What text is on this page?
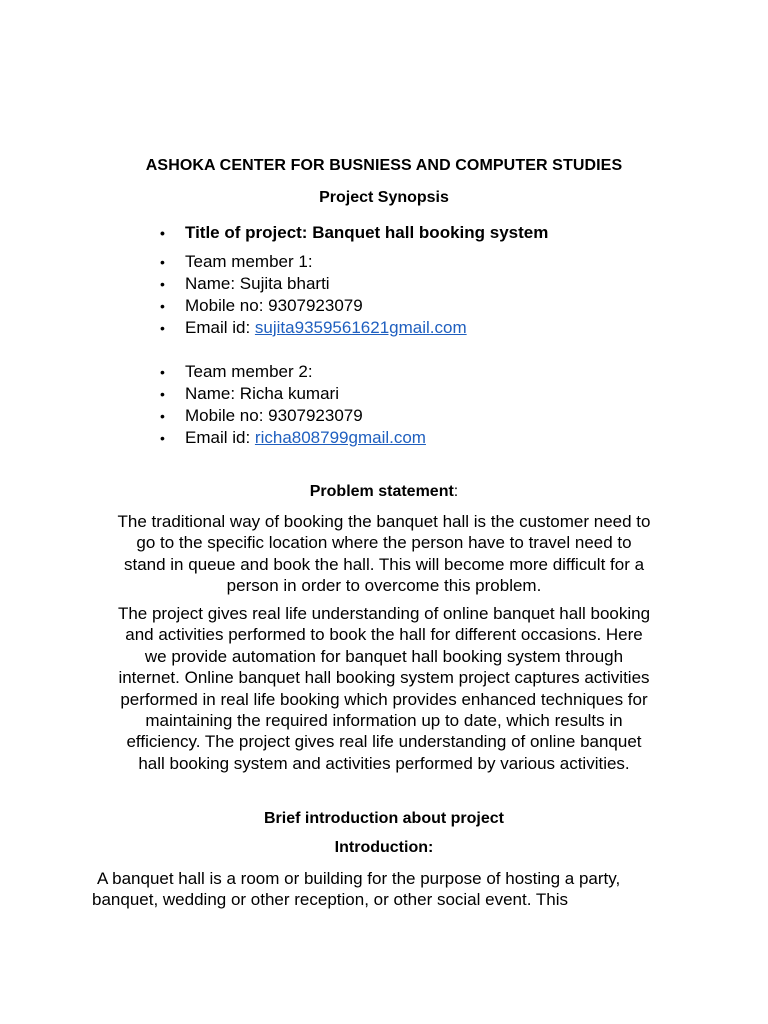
ASHOKA CENTER FOR BUSNIESS AND COMPUTER STUDIES
Project Synopsis
• Title of project: Banquet hall booking system
• Team member 1:
• Name: Sujita bharti
• Mobile no: 9307923079
• Email id: sujita9359561621gmail.com
• Team member 2:
• Name: Richa kumari
• Mobile no: 9307923079
• Email id: richa808799gmail.com
Problem statement:

The traditional way of booking the banquet hall is the customer need to
go to the specific location where the person have to travel need to
stand in queue and book the hall. This will become more difficult for a
person in order to overcome this problem.

The project gives real life understanding of online banquet hall booking
and activities performed to book the hall for different occasions. Here
we provide automation for banquet hall booking system through
internet. Online banquet hall booking system project captures activities
performed in real life booking which provides enhanced techniques for
maintaining the required information up to date, which results in
efficiency. The project gives real life understanding of online banquet
hall booking system and activities performed by various activities.

Brief introduction about project
Introduction:

A banquet hall is a room or building for the purpose of hosting a party,
banquet, wedding or other reception, or other social event. This
